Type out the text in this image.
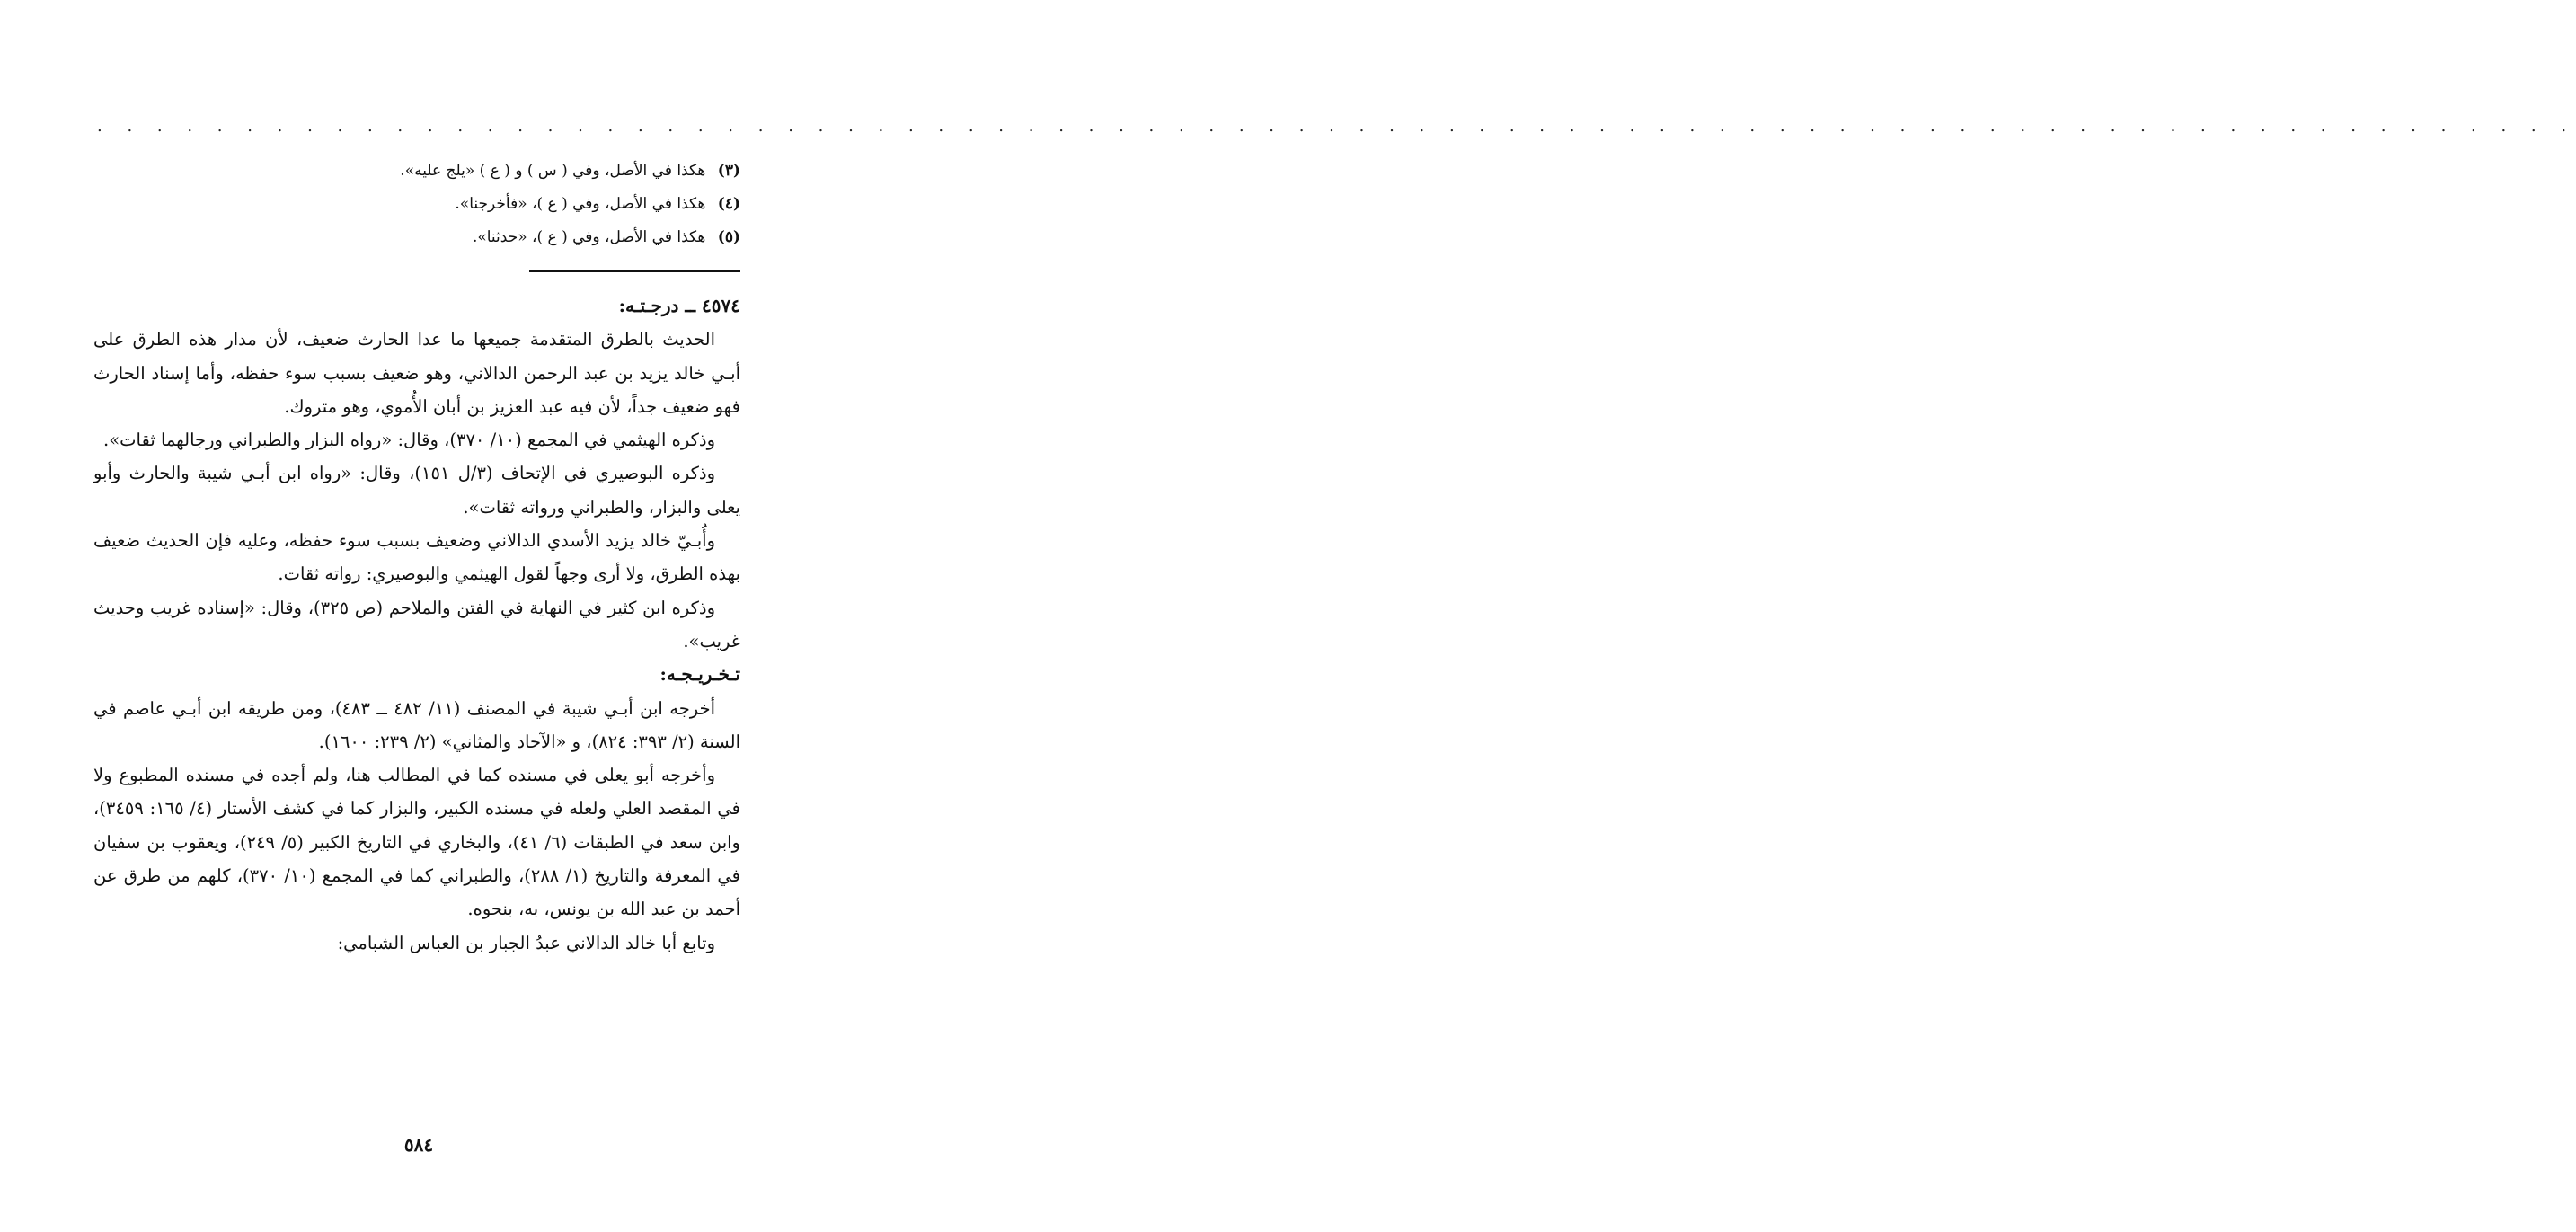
. . . . . . . . . . . . . . . . . . . . . . . . . . . . . . . . . . . . . . . . . . . . . . . . . . . . . . . . . . . . . . . . . . . . . . . . . . . . . . . . . . .
(٣) هكذا في الأصل، وفي ( س ) و ( ع ) «يلج عليه».
(٤) هكذا في الأصل، وفي ( ع )، «فأخرجنا».
(٥) هكذا في الأصل، وفي ( ع )، «حدثنا».

٤٥٧٤ ــ درجـتـه:

الحديث بالطرق المتقدمة جميعها ما عدا الحارث ضعيف، لأن مدار هذه الطرق على أبـي خالد يزيد بن عبد الرحمن الدالاني، وهو ضعيف بسبب سوء حفظه، وأما إسناد الحارث فهو ضعيف جداً، لأن فيه عبد العزيز بن أبان الأُموي، وهو متروك.

وذكره الهيثمي في المجمع (١٠/ ٣٧٠)، وقال: «رواه البزار والطبراني ورجالهما ثقات».

وذكره البوصيري في الإتحاف (٣/ل ١٥١)، وقال: «رواه ابن أبـي شيبة والحارث وأبو يعلى والبزار، والطبراني ورواته ثقات».

وأُبـيّ خالد يزيد الأسدي الدالاني وضعيف بسبب سوء حفظه، وعليه فإن الحديث ضعيف بهذه الطرق، ولا أرى وجهاً لقول الهيثمي والبوصيري: رواته ثقات.

وذكره ابن كثير في النهاية في الفتن والملاحم (ص ٣٢٥)، وقال: «إسناده غريب وحديث غريب».

تـخـريـجـه:

أخرجه ابن أبـي شيبة في المصنف (١١/ ٤٨٢ ــ ٤٨٣)، ومن طريقه ابن أبـي عاصم في السنة (٢/ ٣٩٣: ٨٢٤)، و «الآحاد والمثاني» (٢/ ٢٣٩: ١٦٠٠).

وأخرجه أبو يعلى في مسنده كما في المطالب هنا، ولم أجده في مسنده المطبوع ولا في المقصد العلي ولعله في مسنده الكبير، والبزار كما في كشف الأستار (٤/ ١٦٥: ٣٤٥٩)، وابن سعد في الطبقات (٦/ ٤١)، والبخاري في التاريخ الكبير (٥/ ٢٤٩)، ويعقوب بن سفيان في المعرفة والتاريخ (١/ ٢٨٨)، والطبراني كما في المجمع (١٠/ ٣٧٠)، كلهم من طرق عن أحمد بن عبد الله بن يونس، به، بنحوه.

وتابع أبا خالد الدالاني عبدُ الجبار بن العباس الشبامي:

٥٨٤
